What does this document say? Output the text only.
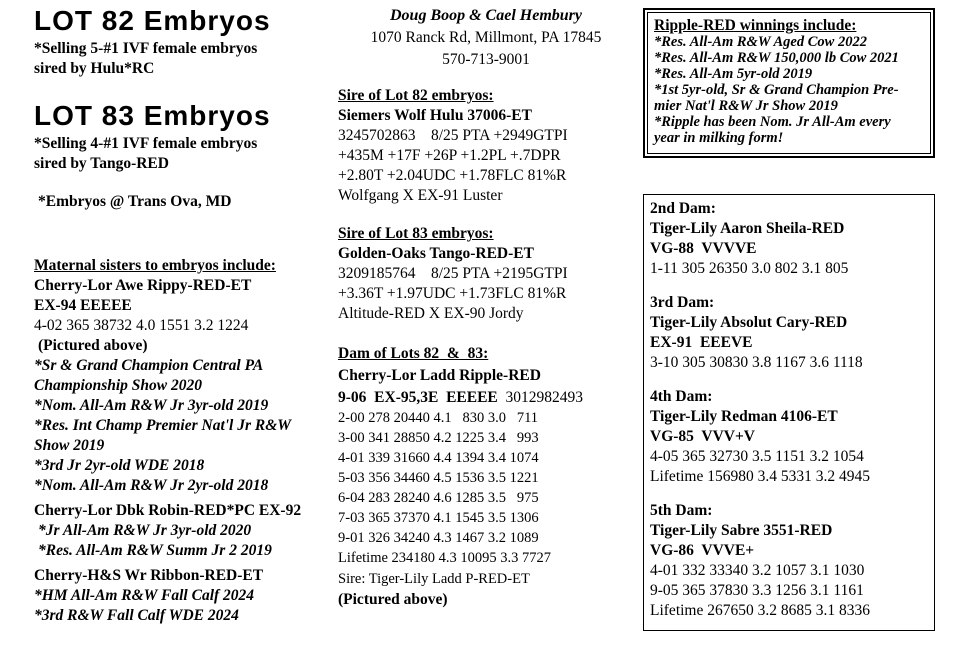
LOT 82 Embryos
*Selling 5-#1 IVF female embryos
sired by Hulu*RC
LOT 83 Embryos
*Selling 4-#1 IVF female embryos
sired by Tango-RED
*Embryos @ Trans Ova, MD
Maternal sisters to embryos include:
Cherry-Lor Awe Rippy-RED-ET
EX-94 EEEEE
4-02 365 38732 4.0 1551 3.2 1224
(Pictured above)
*Sr & Grand Champion Central PA
Championship Show 2020
*Nom. All-Am R&W Jr 3yr-old 2019
*Res. Int Champ Premier Nat'l Jr R&W
Show 2019
*3rd Jr 2yr-old WDE 2018
*Nom. All-Am R&W Jr 2yr-old 2018
Cherry-Lor Dbk Robin-RED*PC EX-92
*Jr All-Am R&W Jr 3yr-old 2020
*Res. All-Am R&W Summ Jr 2 2019
Cherry-H&S Wr Ribbon-RED-ET
*HM All-Am R&W Fall Calf 2024
*3rd R&W Fall Calf WDE 2024
Doug Boop & Cael Hembury
1070 Ranck Rd, Millmont, PA 17845
570-713-9001
Sire of Lot 82 embryos:
Siemers Wolf Hulu 37006-ET
3245702863    8/25 PTA +2949GTPI
+435M +17F +26P +1.2PL +.7DPR
+2.80T +2.04UDC +1.78FLC 81%R
Wolfgang X EX-91 Luster
Sire of Lot 83 embryos:
Golden-Oaks Tango-RED-ET
3209185764    8/25 PTA +2195GTPI
+3.36T +1.97UDC +1.73FLC 81%R
Altitude-RED X EX-90 Jordy
Dam of Lots 82  &  83:
Cherry-Lor Ladd Ripple-RED
9-06  EX-95,3E  EEEEE 3012982493
2-00 278 20440 4.1   830 3.0   711
3-00 341 28850 4.2 1225 3.4   993
4-01 339 31660 4.4 1394 3.4 1074
5-03 356 34460 4.5 1536 3.5 1221
6-04 283 28240 4.6 1285 3.5   975
7-03 365 37370 4.1 1545 3.5 1306
9-01 326 34240 4.3 1467 3.2 1089
Lifetime 234180 4.3 10095 3.3 7727
Sire: Tiger-Lily Ladd P-RED-ET
(Pictured above)
Ripple-RED winnings include:
*Res. All-Am R&W Aged Cow 2022
*Res. All-Am R&W 150,000 lb Cow 2021
*Res. All-Am 5yr-old 2019
*1st 5yr-old, Sr & Grand Champion Pre-
mier Nat'l R&W Jr Show 2019
*Ripple has been Nom. Jr All-Am every
year in milking form!
2nd Dam:
Tiger-Lily Aaron Sheila-RED
VG-88  VVVVE
1-11 305 26350 3.0 802 3.1 805
3rd Dam:
Tiger-Lily Absolut Cary-RED
EX-91  EEEVE
3-10 305 30830 3.8 1167 3.6 1118
4th Dam:
Tiger-Lily Redman 4106-ET
VG-85  VVV+V
4-05 365 32730 3.5 1151 3.2 1054
Lifetime 156980 3.4 5331 3.2 4945
5th Dam:
Tiger-Lily Sabre 3551-RED
VG-86  VVVE+
4-01 332 33340 3.2 1057 3.1 1030
9-05 365 37830 3.3 1256 3.1 1161
Lifetime 267650 3.2 8685 3.1 8336
